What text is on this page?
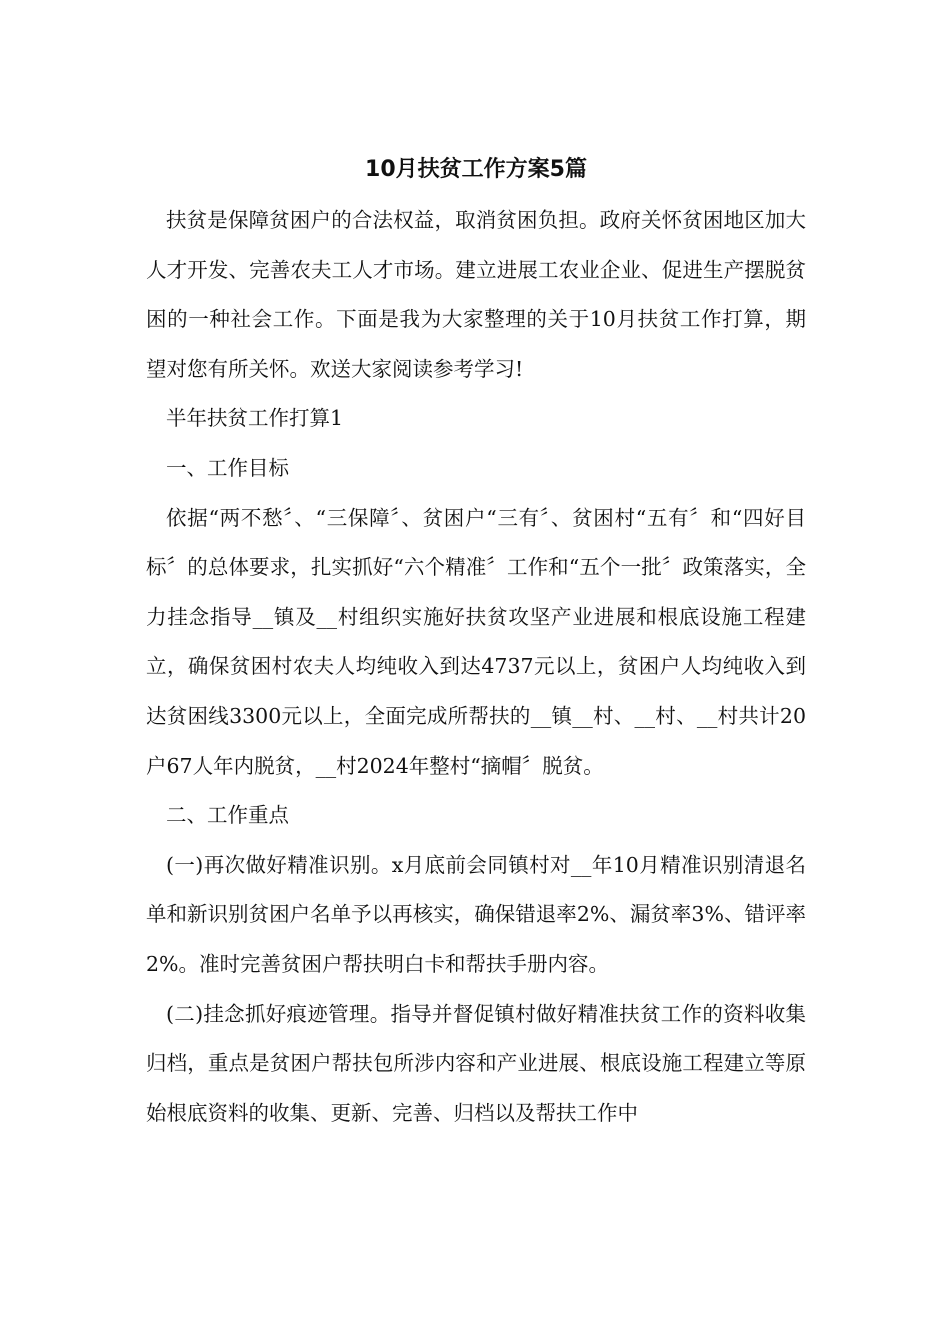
10月扶贫工作方案5篇

扶贫是保障贫困户的合法权益，取消贫困负担。政府关怀贫困地区加大人才开发、完善农夫工人才市场。建立进展工农业企业、促进生产摆脱贫困的一种社会工作。下面是我为大家整理的关于10月扶贫工作打算，期望对您有所关怀。欢送大家阅读参考学习!

半年扶贫工作打算1

一、工作目标

依据“两不愁〞、“三保障〞、贫困户“三有〞、贫困村“五有〞和“四好目标〞的总体要求，扎实抓好“六个精准〞工作和“五个一批〞政策落实，全力挂念指导__镇及__村组织实施好扶贫攻坚产业进展和根底设施工程建立，确保贫困村农夫人均纯收入到达4737元以上，贫困户人均纯收入到达贫困线3300元以上，全面完成所帮扶的__镇__村、__村、__村共计20户67人年内脱贫，__村2024年整村“摘帽〞脱贫。

二、工作重点

(一)再次做好精准识别。x月底前会同镇村对__年10月精准识别清退名单和新识别贫困户名单予以再核实，确保错退率2%、漏贫率3%、错评率2%。准时完善贫困户帮扶明白卡和帮扶手册内容。

(二)挂念抓好痕迹管理。指导并督促镇村做好精准扶贫工作的资料收集归档，重点是贫困户帮扶包所涉内容和产业进展、根底设施工程建立等原始根底资料的收集、更新、完善、归档以及帮扶工作中
